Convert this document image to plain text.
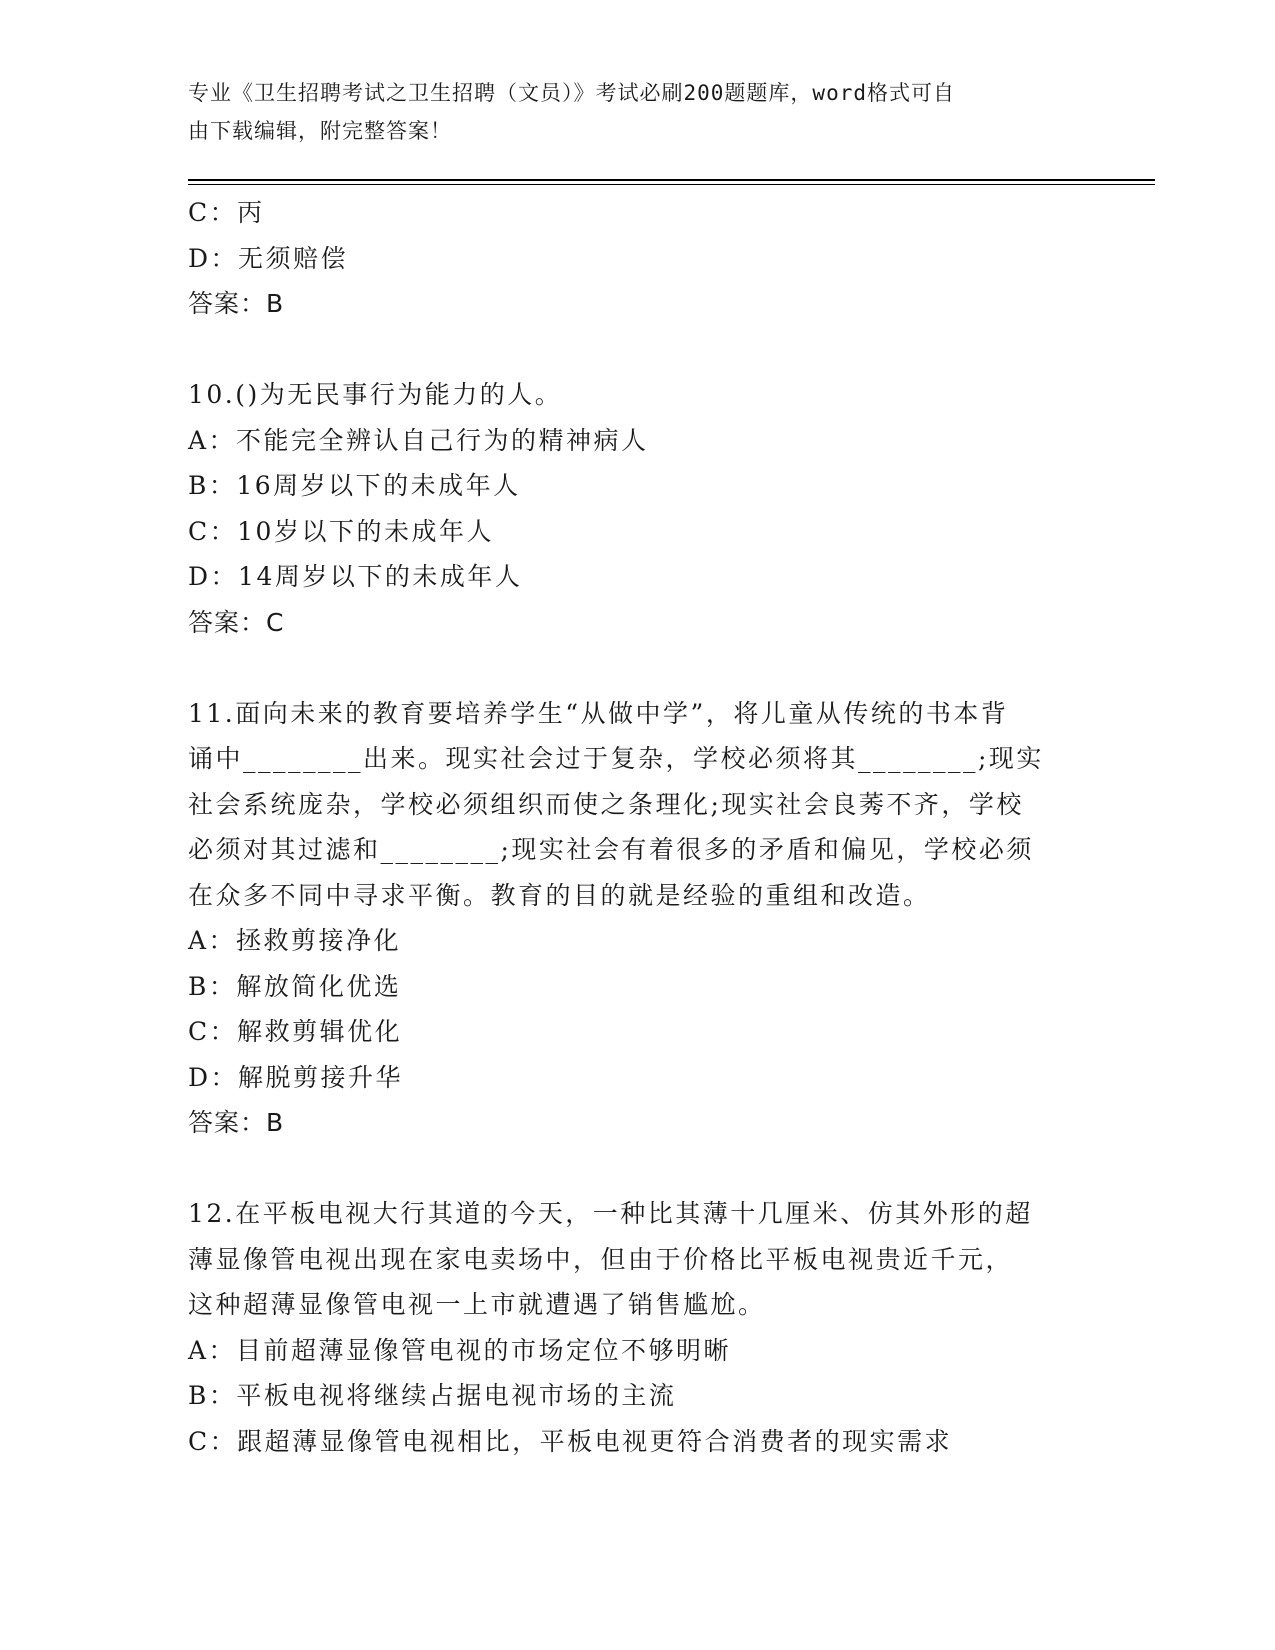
专业《卫生招聘考试之卫生招聘（文员）》考试必刷200题题库，word格式可自
由下载编辑，附完整答案！
C：丙
D：无须赔偿
答案：B
10.()为无民事行为能力的人。
A：不能完全辨认自己行为的精神病人
B：16周岁以下的未成年人
C：10岁以下的未成年人
D：14周岁以下的未成年人
答案：C
11.面向未来的教育要培养学生“从做中学”，将儿童从传统的书本背
诵中________出来。现实社会过于复杂，学校必须将其________;现实
社会系统庞杂，学校必须组织而使之条理化;现实社会良莠不齐，学校
必须对其过滤和________;现实社会有着很多的矛盾和偏见，学校必须
在众多不同中寻求平衡。教育的目的就是经验的重组和改造。
A：拯救剪接净化
B：解放简化优选
C：解救剪辑优化
D：解脱剪接升华
答案：B
12.在平板电视大行其道的今天，一种比其薄十几厘米、仿其外形的超
薄显像管电视出现在家电卖场中，但由于价格比平板电视贵近千元，
这种超薄显像管电视一上市就遭遇了销售尴尬。
A：目前超薄显像管电视的市场定位不够明晰
B：平板电视将继续占据电视市场的主流
C：跟超薄显像管电视相比，平板电视更符合消费者的现实需求
